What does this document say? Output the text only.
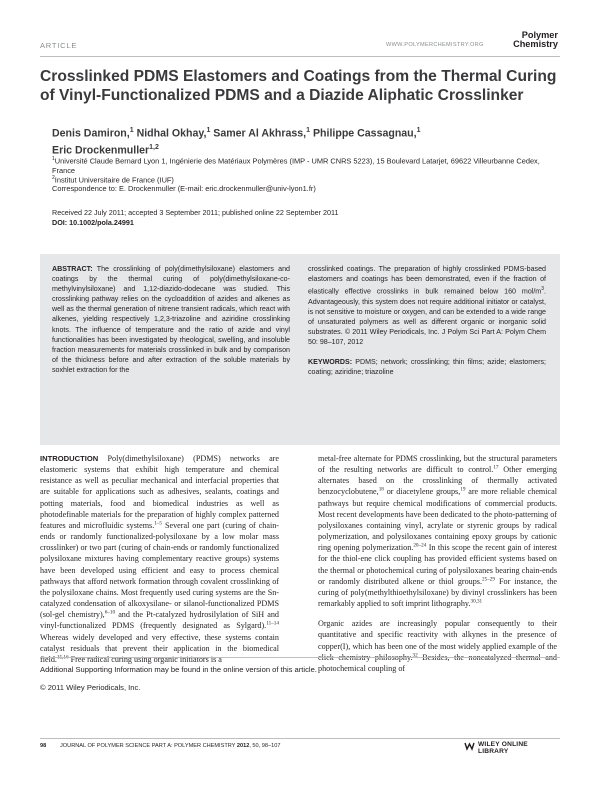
ARTICLE	WWW.POLYMERCHEMISTRY.ORG
Polymer
Chemistry
Crosslinked PDMS Elastomers and Coatings from the Thermal Curing of Vinyl-Functionalized PDMS and a Diazide Aliphatic Crosslinker
Denis Damiron,$^1$ Nidhal Okhay,$^1$ Samer Al Akhrass,$^1$ Philippe Cassagnau,$^1$
Eric Drockenmuller$^{1,2}$
$^1$Université Claude Bernard Lyon 1, Ingénierie des Matériaux Polymères (IMP - UMR CNRS 5223), 15 Boulevard Latarjet, 69622 Villeurbanne Cedex, France
$^2$Institut Universitaire de France (IUF)
Correspondence to: E. Drockenmuller (E-mail: eric.drockenmuller@univ-lyon1.fr)
Received 22 July 2011; accepted 3 September 2011; published online 22 September 2011
DOI: 10.1002/pola.24991
ABSTRACT: The crosslinking of poly(dimethylsiloxane) elastomers and coatings by the thermal curing of poly(dimethylsiloxane-co-methylvinylsiloxane) and 1,12-diazido-dodecane was studied. This crosslinking pathway relies on the cycloaddition of azides and alkenes as well as the thermal generation of nitrene transient radicals, which react with alkenes, yielding respectively 1,2,3-triazoline and aziridine crosslinking knots. The influence of temperature and the ratio of azide and vinyl functionalities has been investigated by rheological, swelling, and insoluble fraction measurements for materials crosslinked in bulk and by comparison of the thickness before and after extraction of the soluble materials by soxhlet extraction for the
crosslinked coatings. The preparation of highly crosslinked PDMS-based elastomers and coatings has been demonstrated, even if the fraction of elastically effective crosslinks in bulk remained below 160 mol/$m^3$. Advantageously, this system does not require additional initiator or catalyst, is not sensitive to moisture or oxygen, and can be extended to a wide range of unsaturated polymers as well as different organic or inorganic solid substrates. © 2011 Wiley Periodicals, Inc. J Polym Sci Part A: Polym Chem 50: 98–107, 2012
KEYWORDS: PDMS; network; crosslinking; thin films; azide; elastomers; coating; aziridine; triazoline

INTRODUCTION Poly(dimethylsiloxane) (PDMS) networks are elastomeric systems that exhibit high temperature and chemical resistance as well as peculiar mechanical and interfacial properties that are suitable for applications such as adhesives, sealants, coatings and potting materials, food and biomedical industries as well as photodefinable materials for the preparation of highly complex patterned features and microfluidic systems.$^{1-5}$ Several one part (curing of chain-ends or randomly functionalized-polysiloxane by a low molar mass crosslinker) or two part (curing of chain-ends or randomly functionalized polysiloxane mixtures having complementary reactive groups) systems have been developed using efficient and easy to process chemical pathways that afford network formation through covalent crosslinking of the polysiloxane chains. Most frequently used curing systems are the Sn-catalyzed condensation of alkoxysilane- or silanol-functionalized PDMS (sol-gel chemistry),$^{6-10}$ and the Pt-catalyzed hydrosilylation of SiH and vinyl-functionalized PDMS (frequently designated as Sylgard).$^{11-14}$ Whereas widely developed and very effective, these systems contain catalyst residuals that prevent their application in the biomedical field.$^{15,16}$ Free radical curing using organic initiators is a

metal-free alternate for PDMS crosslinking, but the structural parameters of the resulting networks are difficult to control.$^{17}$ Other emerging alternates based on the crosslinking of thermally activated benzocyclobutene,$^{18}$ or diacetylene groups,$^{19}$ are more reliable chemical pathways but require chemical modifications of commercial products. Most recent developments have been dedicated to the photo-patterning of polysiloxanes containing vinyl, acrylate or styrenic groups by radical polymerization, and polysiloxanes containing epoxy groups by cationic ring opening polymerization.$^{20-24}$ In this scope the recent gain of interest for the thiol-ene click coupling has provided efficient systems based on the thermal or photochemical curing of polysiloxanes bearing chain-ends or randomly distributed alkene or thiol groups.$^{25-29}$ For instance, the curing of poly(methylthioethylsiloxane) by divinyl crosslinkers has been remarkably applied to soft imprint lithography.$^{30,31}$

Organic azides are increasingly popular consequently to their quantitative and specific reactivity with alkynes in the presence of copper(I), which has been one of the most widely applied example of the click chemistry philosophy.$^{32}$ Besides, the noncatalyzed thermal and photochemical coupling of

Additional Supporting Information may be found in the online version of this article.
© 2011 Wiley Periodicals, Inc.
98 JOURNAL OF POLYMER SCIENCE PART A: POLYMER CHEMISTRY 2012, 50, 98–107	WILEY ONLINE LIBRARY
